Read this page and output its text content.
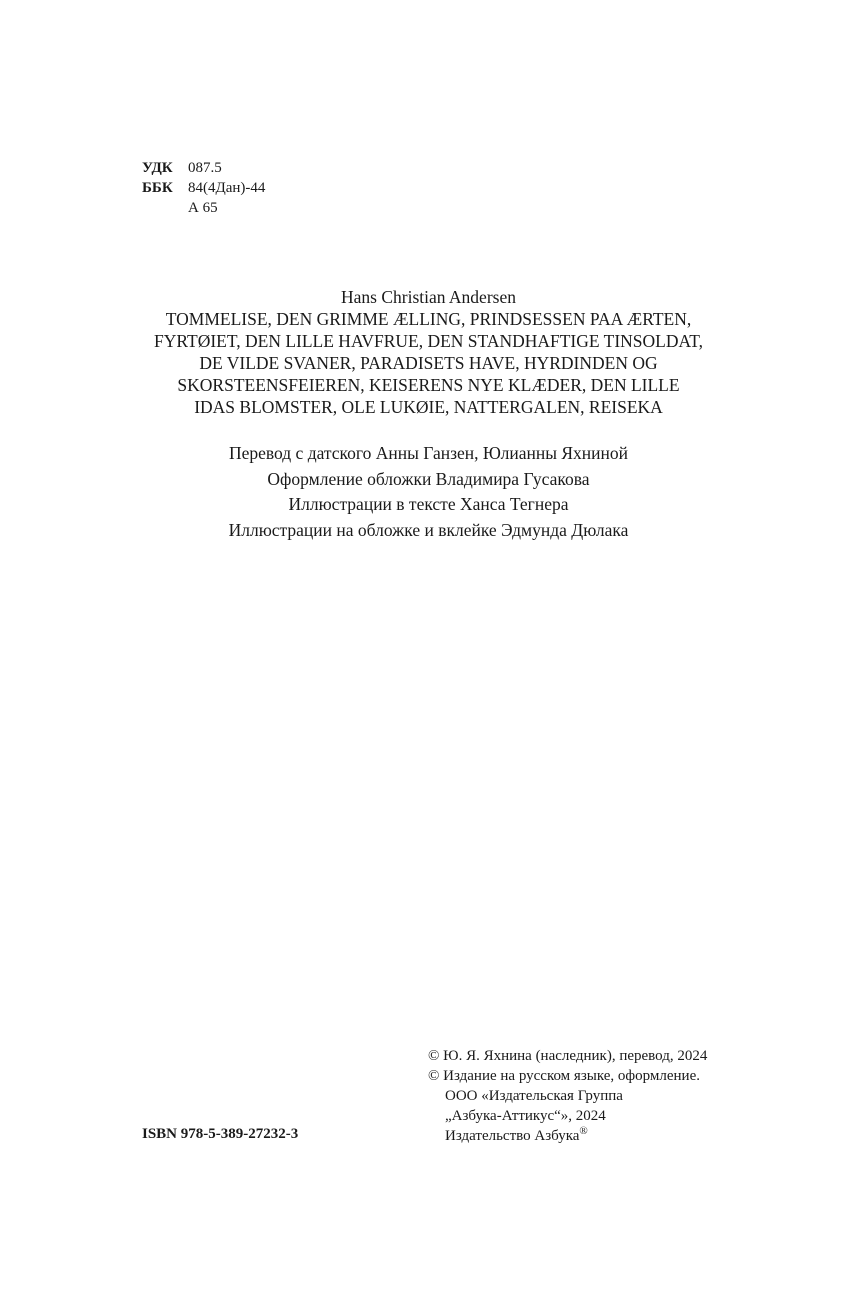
УДК	087.5
ББК	84(4Дан)-44
А 65
Hans Christian Andersen
TOMMELISE, DEN GRIMME ÆLLING, PRINDSESSEN PAA ÆRTEN,
FYRTØIET, DEN LILLE HAVFRUE, DEN STANDHAFTIGE TINSOLDAT,
DE VILDE SVANER, PARADISETS HAVE, HYRDINDEN OG
SKORSTEENSFEIEREN, KEISERENS NYE KLÆDER, DEN LILLE
IDAS BLOMSTER, OLE LUKØIE, NATTERGALEN, REISEKA
Перевод с датского Анны Ганзен, Юлианны Яхниной
Оформление обложки Владимира Гусакова
Иллюстрации в тексте Ханса Тегнера
Иллюстрации на обложке и вклейке Эдмунда Дюлака
ISBN 978-5-389-27232-3
© Ю. Я. Яхнина (наследник), перевод, 2024
© Издание на русском языке, оформление.
ООО «Издательская Группа
„Азбука-Аттикус“», 2024
Издательство Азбука®
